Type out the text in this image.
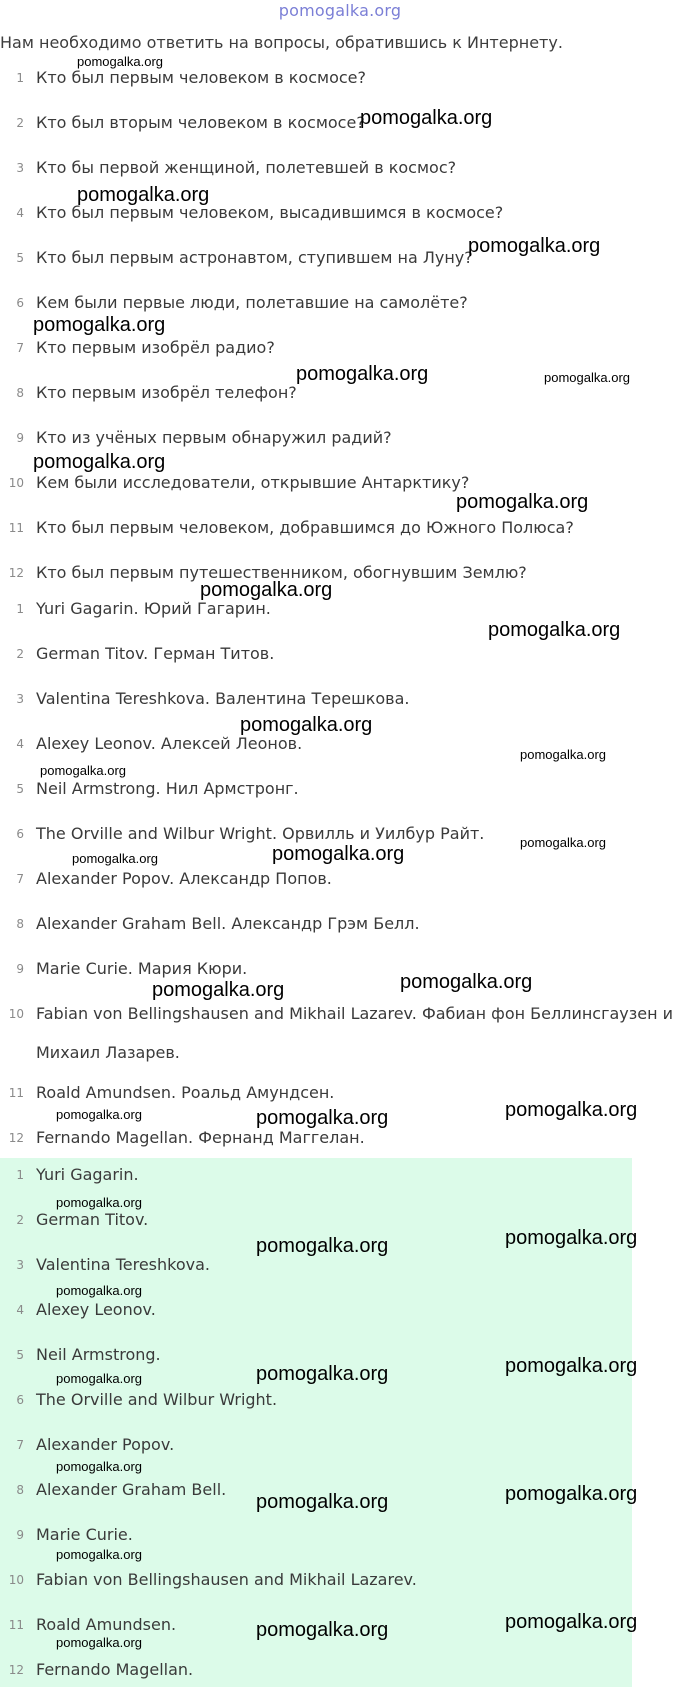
pomogalka.org
Нам необходимо ответить на вопросы, обратившись к Интернету.
1 Кто был первым человеком в космосе?
2 Кто был вторым человеком в космосе?
3 Кто бы первой женщиной, полетевшей в космос?
4 Кто был первым человеком, высадившимся в космосе?
5 Кто был первым астронавтом, ступившем на Луну?
6 Кем были первые люди, полетавшие на самолёте?
7 Кто первым изобрёл радио?
8 Кто первым изобрёл телефон?
9 Кто из учёных первым обнаружил радий?
10 Кем были исследователи, открывшие Антарктику?
11 Кто был первым человеком, добравшимся до Южного Полюса?
12 Кто был первым путешественником, обогнувшим Землю?
1 Yuri Gagarin. Юрий Гагарин.
2 German Titov. Герман Титов.
3 Valentina Tereshkova. Валентина Терешкова.
4 Alexey Leonov. Алексей Леонов.
5 Neil Armstrong. Нил Армстронг.
6 The Orville and Wilbur Wright. Орвилль и Уилбур Райт.
7 Alexander Popov. Александр Попов.
8 Alexander Graham Bell. Александр Грэм Белл.
9 Marie Curie. Мария Кюри.
10 Fabian von Bellingshausen and Mikhail Lazarev. Фабиан фон Беллинсгаузен и
Михаил Лазарев.
11 Roald Amundsen. Роальд Амундсен.
12 Fernando Magellan. Фернанд Маггелан.
1 Yuri Gagarin.
2 German Titov.
3 Valentina Tereshkova.
4 Alexey Leonov.
5 Neil Armstrong.
6 The Orville and Wilbur Wright.
7 Alexander Popov.
8 Alexander Graham Bell.
9 Marie Curie.
10 Fabian von Bellingshausen and Mikhail Lazarev.
11 Roald Amundsen.
12 Fernando Magellan.
pomogalka.org
pomogalka.org
pomogalka.org
pomogalka.org
pomogalka.org
pomogalka.org	pomogalka.org
pomogalka.org
pomogalka.org
pomogalka.org
pomogalka.org
pomogalka.org
pomogalka.org
pomogalka.org
pomogalka.org
pomogalka.org	pomogalka.org
pomogalka.org
pomogalka.org
pomogalka.org
pomogalka.org	pomogalka.org
pomogalka.org
pomogalka.org
pomogalka.org
pomogalka.org
pomogalka.org
pomogalka.org
pomogalka.org
pomogalka.org
pomogalka.org
pomogalka.org
pomogalka.org
pomogalka.org
pomogalka.org
pomogalka.org
